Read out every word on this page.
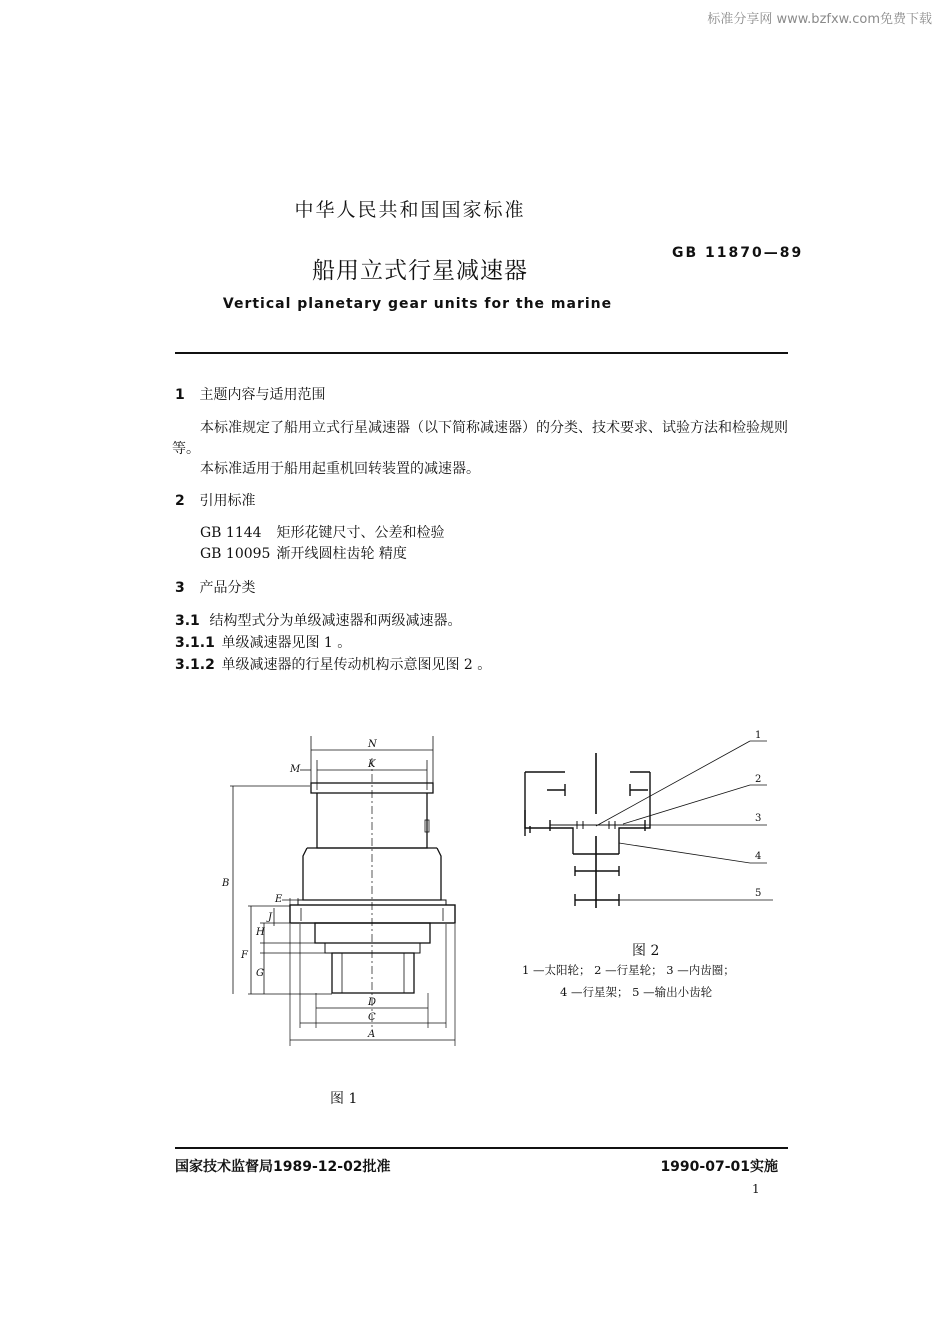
标准分享网 www.bzfxw.com免费下载
中华人民共和国国家标准
船用立式行星减速器
GB 11870—89
Vertical planetary gear units for the marine
1 主题内容与适用范围
本标准规定了船用立式行星减速器（以下简称减速器）的分类、技术要求、试验方法和检验规则
等。
本标准适用于船用起重机回转装置的减速器。
2 引用标准
GB 1144 矩形花键尺寸、公差和检验
GB 10095 渐开线圆柱齿轮 精度
3 产品分类
3.1 结构型式分为单级减速器和两级减速器。
3.1.1 单级减速器见图 1 。
3.1.2 单级减速器的行星传动机构示意图见图 2 。
N
K
M
B
E
F
H
J
G
D
C
A
图 1
1
2
3
4
5
图 2
1 —太阳轮； 2 —行星轮； 3 —内齿圈；
4 —行星架； 5 —输出小齿轮
国家技术监督局1989-12-02批准	1990-07-01实施
1
